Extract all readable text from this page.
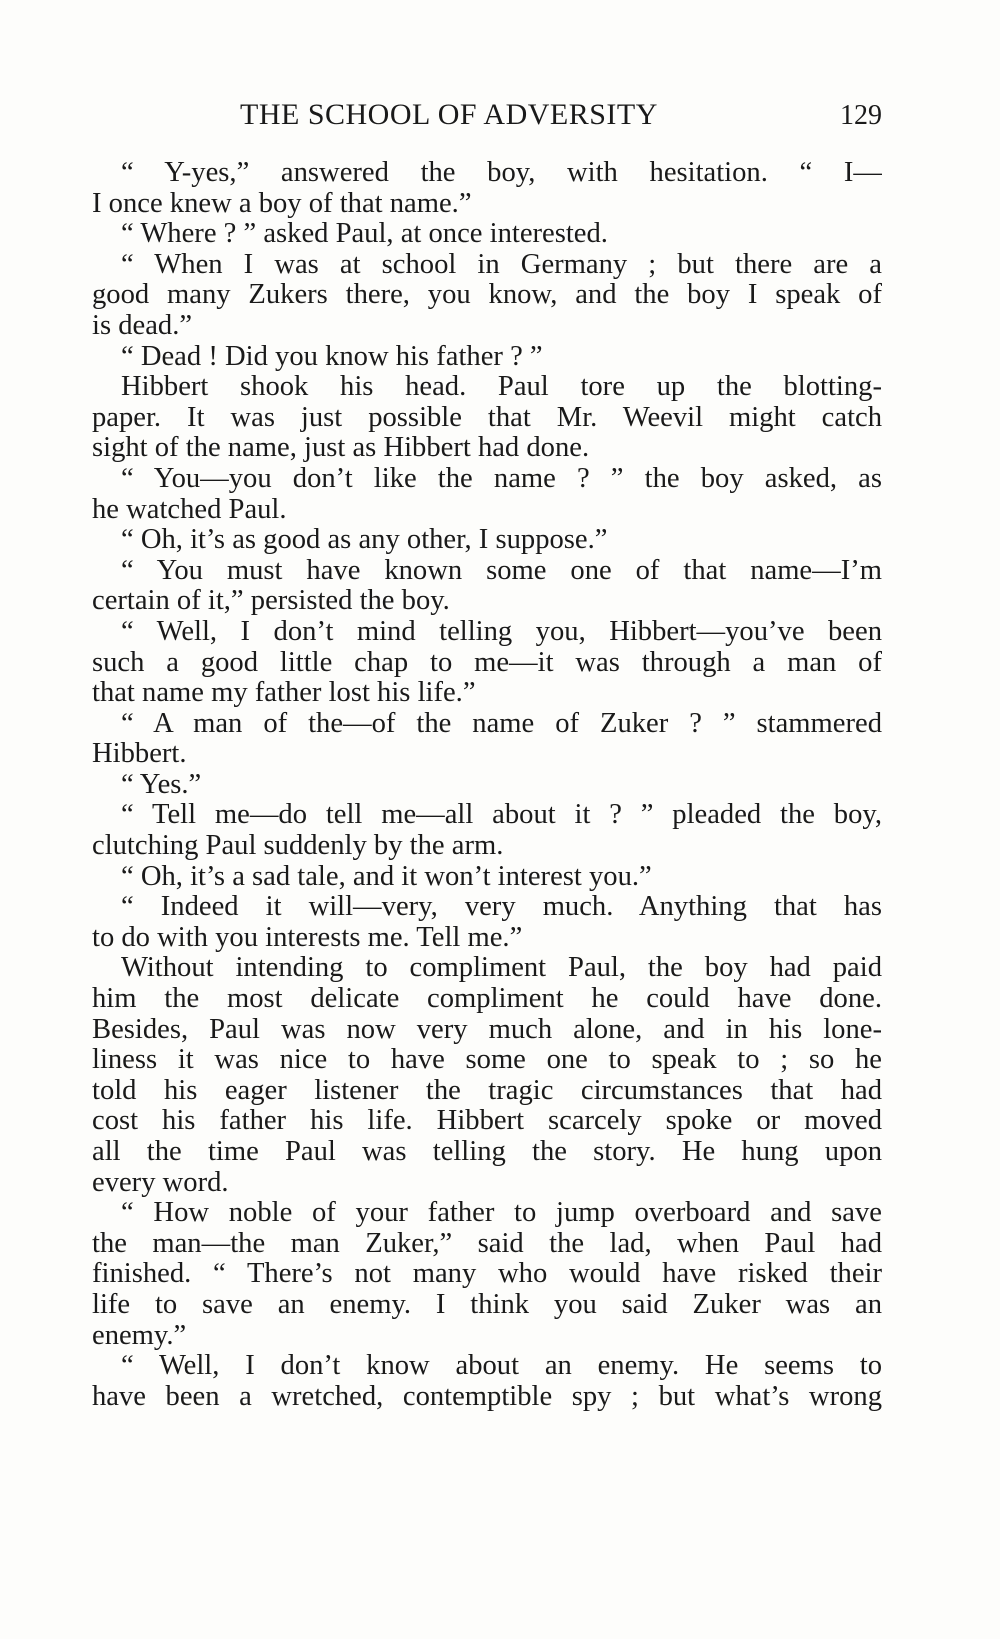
THE SCHOOL OF ADVERSITY	129
“ Y-yes,” answered the boy, with hesitation. “ I—
I once knew a boy of that name.”
“ Where ? ” asked Paul, at once interested.
“ When I was at school in Germany ; but there are a
good many Zukers there, you know, and the boy I speak of
is dead.”
“ Dead ! Did you know his father ? ”
Hibbert shook his head. Paul tore up the blotting-
paper. It was just possible that Mr. Weevil might catch
sight of the name, just as Hibbert had done.
“ You—you don’t like the name ? ” the boy asked, as
he watched Paul.
“ Oh, it’s as good as any other, I suppose.”
“ You must have known some one of that name—I’m
certain of it,” persisted the boy.
“ Well, I don’t mind telling you, Hibbert—you’ve been
such a good little chap to me—it was through a man of
that name my father lost his life.”
“ A man of the—of the name of Zuker ? ” stammered
Hibbert.
“ Yes.”
“ Tell me—do tell me—all about it ? ” pleaded the boy,
clutching Paul suddenly by the arm.
“ Oh, it’s a sad tale, and it won’t interest you.”
“ Indeed it will—very, very much. Anything that has
to do with you interests me. Tell me.”
Without intending to compliment Paul, the boy had paid
him the most delicate compliment he could have done.
Besides, Paul was now very much alone, and in his lone-
liness it was nice to have some one to speak to ; so he
told his eager listener the tragic circumstances that had
cost his father his life. Hibbert scarcely spoke or moved
all the time Paul was telling the story. He hung upon
every word.
“ How noble of your father to jump overboard and save
the man—the man Zuker,” said the lad, when Paul had
finished. “ There’s not many who would have risked their
life to save an enemy. I think you said Zuker was an
enemy.”
“ Well, I don’t know about an enemy. He seems to
have been a wretched, contemptible spy ; but what’s wrong
